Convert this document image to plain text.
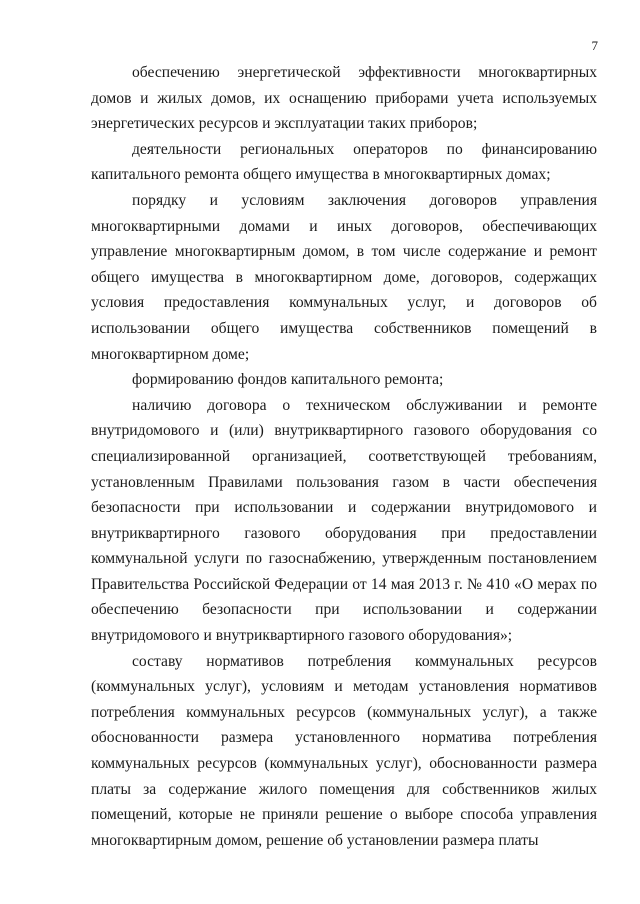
7

обеспечению энергетической эффективности многоквартирных домов и жилых домов, их оснащению приборами учета используемых энергетических ресурсов и эксплуатации таких приборов;

деятельности региональных операторов по финансированию капитального ремонта общего имущества в многоквартирных домах;

порядку и условиям заключения договоров управления многоквартирными домами и иных договоров, обеспечивающих управление многоквартирным домом, в том числе содержание и ремонт общего имущества в многоквартирном доме, договоров, содержащих условия предоставления коммунальных услуг, и договоров об использовании общего имущества собственников помещений в многоквартирном доме;

формированию фондов капитального ремонта;

наличию договора о техническом обслуживании и ремонте внутридомового и (или) внутриквартирного газового оборудования со специализированной организацией, соответствующей требованиям, установленным Правилами пользования газом в части обеспечения безопасности при использовании и содержании внутридомового и внутриквартирного газового оборудования при предоставлении коммунальной услуги по газоснабжению, утвержденным постановлением Правительства Российской Федерации от 14 мая 2013 г. № 410 «О мерах по обеспечению безопасности при использовании и содержании внутридомового и внутриквартирного газового оборудования»;

составу нормативов потребления коммунальных ресурсов (коммунальных услуг), условиям и методам установления нормативов потребления коммунальных ресурсов (коммунальных услуг), а также обоснованности размера установленного норматива потребления коммунальных ресурсов (коммунальных услуг), обоснованности размера платы за содержание жилого помещения для собственников жилых помещений, которые не приняли решение о выборе способа управления многоквартирным домом, решение об установлении размера платы
